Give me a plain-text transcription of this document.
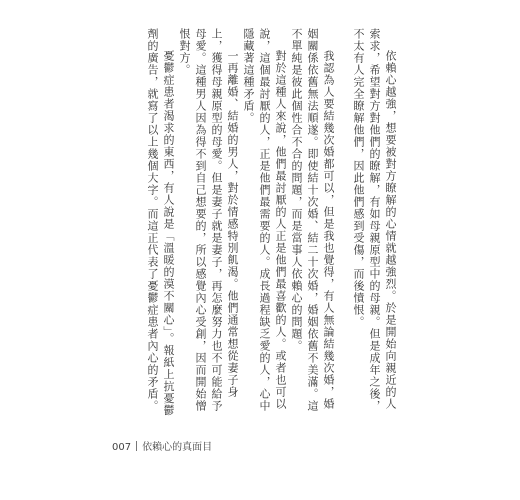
依賴心越強，想要被對方瞭解的心情就越強烈。於是開始向親近的人索求，希望對方對他們的瞭解，有如母親原型中的母親。但是成年之後，不太有人完全瞭解他們，因此他們感到受傷，而後憤恨。

我認為人要結幾次婚都可以，但是我也覺得，有人無論結幾次婚，婚姻關係依舊無法順遂。即使結十次婚、結二十次婚，婚姻依舊不美滿。這不單純是彼此個性合不合的問題，而是當事人依賴心的問題。

對於這種人來說，他們最討厭的人正是他們最喜歡的人。或者也可以說，這個最討厭的人，正是他們最需要的人。成長過程缺乏愛的人，心中隱藏著這種矛盾。

一再離婚、結婚的男人，對於情感特別飢渴。他們通常想從妻子身上，獲得母親原型的母愛。但是妻子就是妻子，再怎麼努力也不可能給予母愛。這種男人因為得不到自己想要的，所以感覺內心受創，因而開始憎恨對方。

憂鬱症患者渴求的東西，有人說是「溫暖的漠不關心」。報紙上抗憂鬱劑的廣告，就寫了以上幾個大字。而這正代表了憂鬱症患者內心的矛盾。

007 依賴心的真面目
